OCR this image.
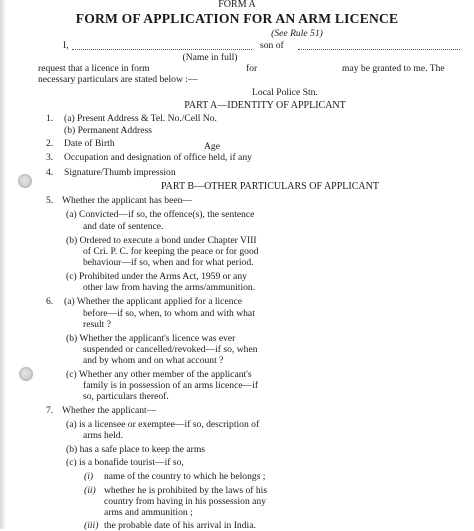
FORM A
FORM OF APPLICATION FOR AN ARM LICENCE
(See Rule 51)
I,	son of
(Name in full)
request that a licence in form	for	may be granted to me. The
necessary particulars are stated below :—
Local Police Stn.
PART A—IDENTITY OF APPLICANT
1. (a) Present Address & Tel. No./Cell No.
(b) Permanent Address
2. Date of Birth	Age
3. Occupation and designation of office held, if any
4. Signature/Thumb impression
PART B—OTHER PARTICULARS OF APPLICANT
5. Whether the applicant has been—
(a) Convicted—if so, the offence(s), the sentence
and date of sentence.
(b) Ordered to execute a bond under Chapter VIII
of Cri. P. C. for keeping the peace or for good
behaviour—if so, when and for what period.
(c) Prohibited under the Arms Act, 1959 or any
other law from having the arms/ammunition.
6. (a) Whether the applicant applied for a licence
before—if so, when, to whom and with what
result ?
(b) Whether the applicant's licence was ever
suspended or cancelled/revoked—if so, when
and by whom and on what account ?
(c) Whether any other member of the applicant's
family is in possession of an arms licence—if
so, particulars thereof.
7. Whether the applicant—
(a) is a licensee or exemptee—if so, description of
arms held.
(b) has a safe place to keep the arms
(c) is a bonafide tourist—if so,
(i) name of the country to which he belongs ;
(ii) whether he is prohibited by the laws of his
country from having in his possession any
arms and ammunition ;
(iii) the probable date of his arrival in India.
